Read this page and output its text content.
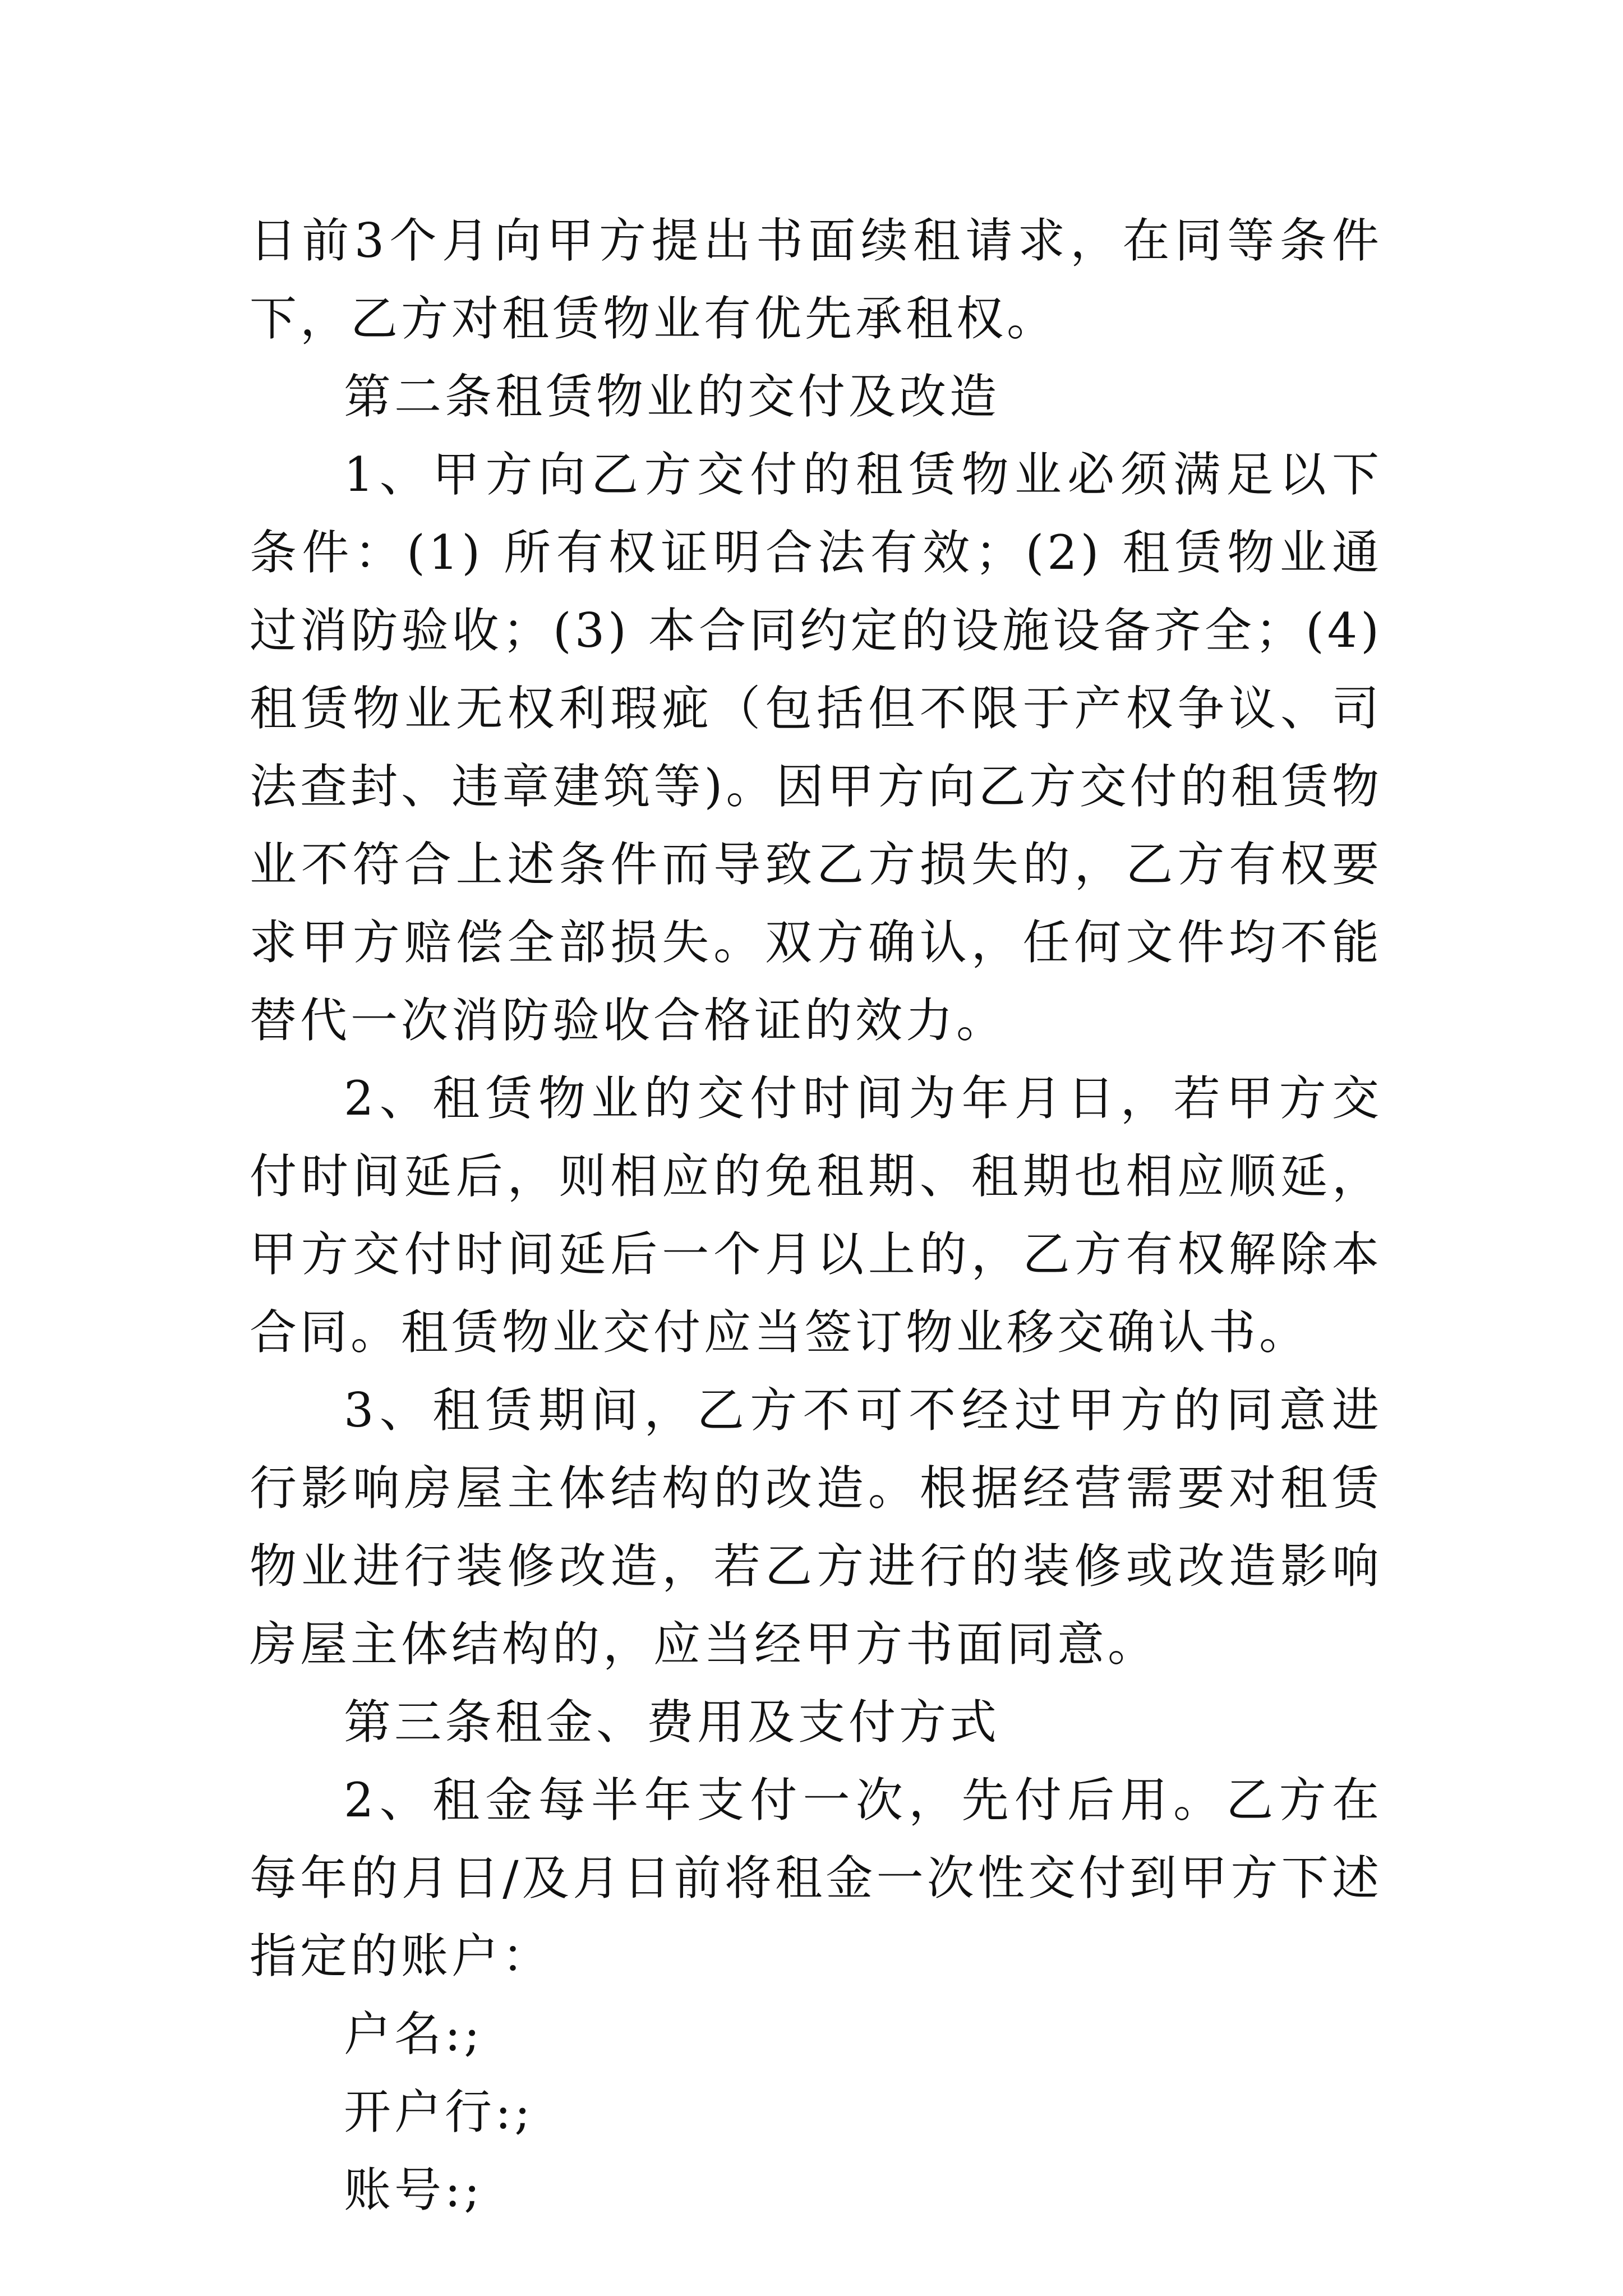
日前3个月向甲方提出书面续租请求，在同等条件下，乙方对租赁物业有优先承租权。

第二条租赁物业的交付及改造

1、甲方向乙方交付的租赁物业必须满足以下条件：(1) 所有权证明合法有效；(2) 租赁物业通过消防验收；(3) 本合同约定的设施设备齐全；(4) 租赁物业无权利瑕疵（包括但不限于产权争议、司法查封、违章建筑等)。因甲方向乙方交付的租赁物业不符合上述条件而导致乙方损失的，乙方有权要求甲方赔偿全部损失。双方确认，任何文件均不能替代一次消防验收合格证的效力。

2、租赁物业的交付时间为年月日，若甲方交付时间延后，则相应的免租期、租期也相应顺延，甲方交付时间延后一个月以上的，乙方有权解除本合同。租赁物业交付应当签订物业移交确认书。

3、租赁期间，乙方不可不经过甲方的同意进行影响房屋主体结构的改造。根据经营需要对租赁物业进行装修改造，若乙方进行的装修或改造影响房屋主体结构的，应当经甲方书面同意。

第三条租金、费用及支付方式

2、租金每半年支付一次，先付后用。乙方在每年的月日/及月日前将租金一次性交付到甲方下述指定的账户：

户名:;

开户行:;

账号:;
